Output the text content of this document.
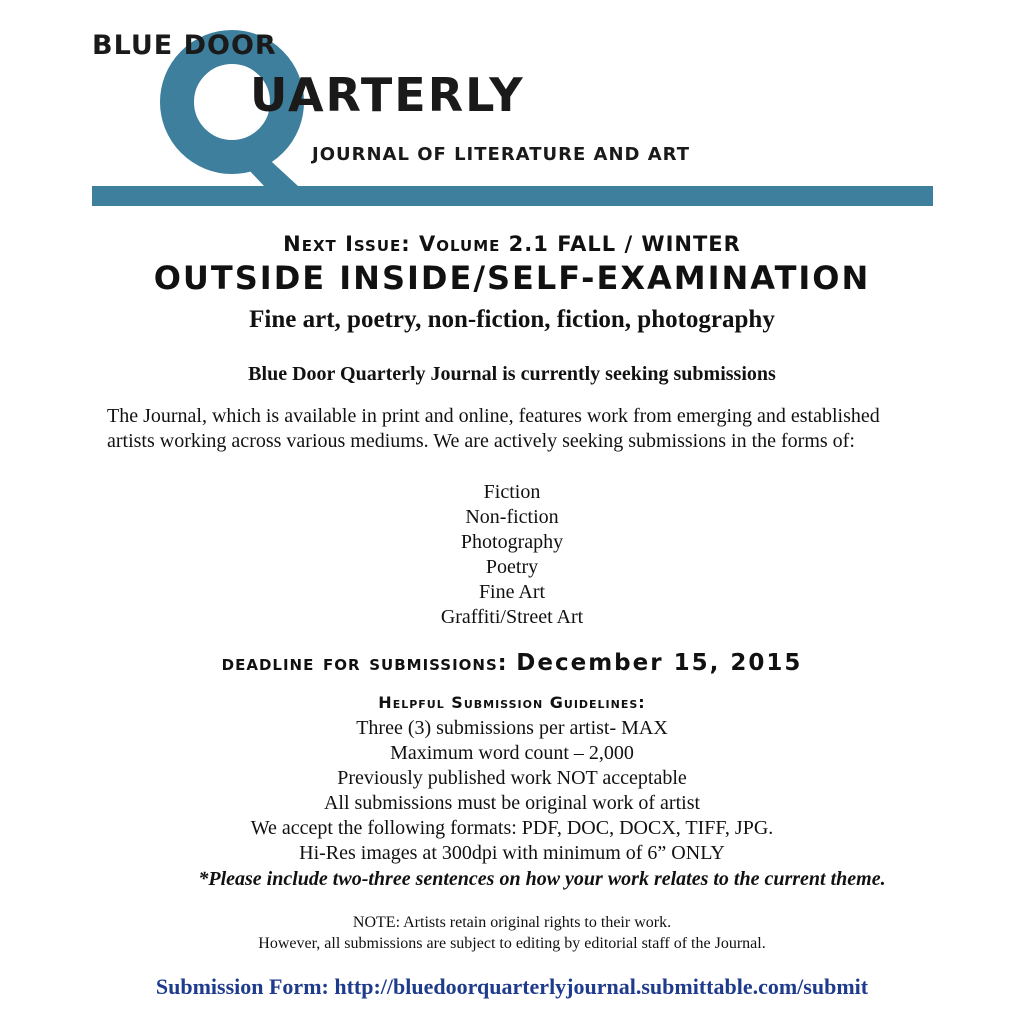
BLUE DOOR
UARTERLY
JOURNAL OF LITERATURE AND ART
Next Issue: Volume 2.1 FALL / WINTER
OUTSIDE INSIDE/SELF-EXAMINATION
Fine art, poetry, non-fiction, fiction, photography
Blue Door Quarterly Journal is currently seeking submissions
The Journal, which is available in print and online, features work from emerging and established artists working across various mediums. We are actively seeking submissions in the forms of:
Fiction
Non-fiction
Photography
Poetry
Fine Art
Graffiti/Street Art
deadline for submissions: December 15, 2015
Helpful Submission Guidelines:
Three (3) submissions per artist- MAX
Maximum word count – 2,000
Previously published work NOT acceptable
All submissions must be original work of artist
We accept the following formats: PDF, DOC, DOCX, TIFF, JPG.
Hi-Res images at 300dpi with minimum of 6” ONLY
*Please include two-three sentences on how your work relates to the current theme.
NOTE: Artists retain original rights to their work.
However, all submissions are subject to editing by editorial staff of the Journal.
Submission Form: http://bluedoorquarterlyjournal.submittable.com/submit
